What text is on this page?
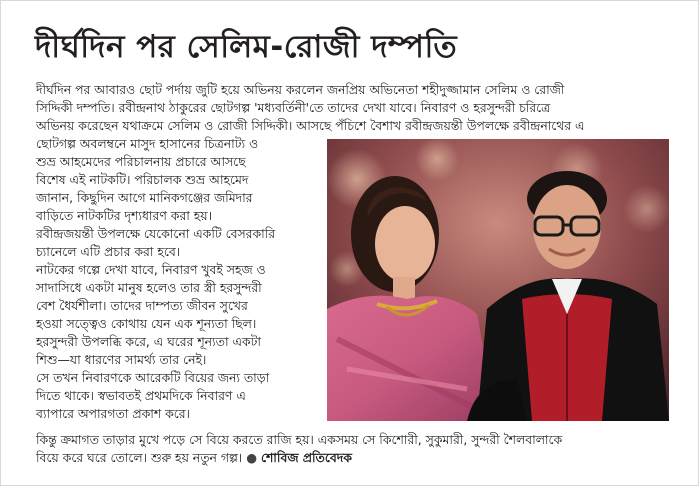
দীর্ঘদিন পর সেলিম-রোজী দম্পতি

দীর্ঘদিন পর আবারও ছোট পর্দায় জুটি হয়ে অভিনয় করলেন জনপ্রিয় অভিনেতা শহীদুজ্জামান সেলিম ও রোজী

সিদ্দিকী দম্পতি। রবীন্দ্রনাথ ঠাকুরের ছোটগল্প 'মধ্যবর্তিনী'তে তাদের দেখা যাবে। নিবারণ ও হরসুন্দরী চরিত্রে

অভিনয় করেছেন যথাক্রমে সেলিম ও রোজী সিদ্দিকী। আসছে পঁচিশে বৈশাখ রবীন্দ্রজয়ন্তী উপলক্ষে রবীন্দ্রনাথের এ

ছোটগল্প অবলম্বনে মাসুদ হাসানের চিত্রনাট্য ও

শুভ্র আহমেদের পরিচালনায় প্রচারে আসছে

বিশেষ এই নাটকটি। পরিচালক শুভ্র আহমেদ

জানান, কিছুদিন আগে মানিকগঞ্জের জমিদার

বাড়িতে নাটকটির দৃশ্যধারণ করা হয়।

রবীন্দ্রজয়ন্তী উপলক্ষে যেকোনো একটি বেসরকারি

চ্যানেলে এটি প্রচার করা হবে।

নাটকের গল্পে দেখা যাবে, নিবারণ খুবই সহজ ও

সাদাসিধে একটা মানুষ হলেও তার স্ত্রী হরসুন্দরী

বেশ ধৈর্যশীলা। তাদের দাম্পত্য জীবন সুখের

হওয়া সত্ত্বেও কোথায় যেন এক শূন্যতা ছিল।

হরসুন্দরী উপলব্ধি করে, এ ঘরের শূন্যতা একটা

শিশু—যা ধারণের সামর্থ্য তার নেই।

সে তখন নিবারণকে আরেকটি বিয়ের জন্য তাড়া

দিতে থাকে। স্বভাবতই প্রথমদিকে নিবারণ এ

ব্যাপারে অপারগতা প্রকাশ করে।

কিন্তু ক্রমাগত তাড়ার মুখে পড়ে সে বিয়ে করতে রাজি হয়। একসময় সে কিশোরী, সুকুমারী, সুন্দরী শৈলবালাকে

বিয়ে করে ঘরে তোলে। শুরু হয় নতুন গল্প। ● শোবিজ প্রতিবেদক
